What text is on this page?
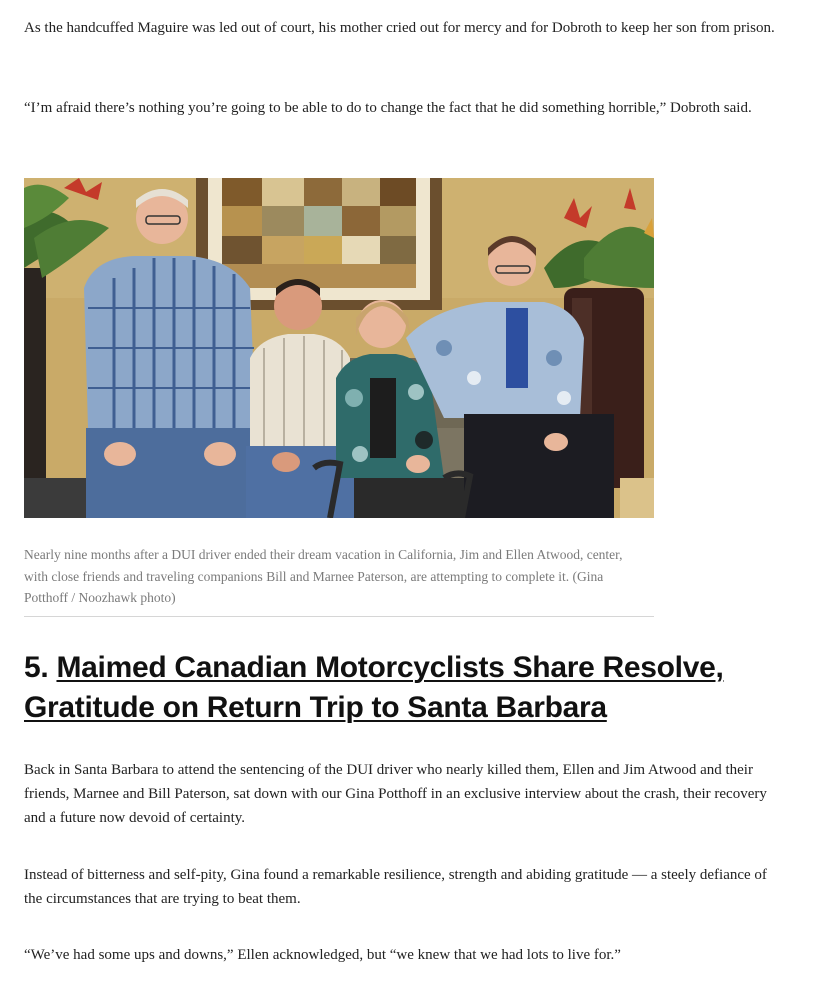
As the handcuffed Maguire was led out of court, his mother cried out for mercy and for Dobroth to keep her son from prison.

“I’m afraid there’s nothing you’re going to be able to do to change the fact that he did something horrible,” Dobroth said.

Nearly nine months after a DUI driver ended their dream vacation in California, Jim and Ellen Atwood, center, with close friends and traveling companions Bill and Marnee Paterson, are attempting to complete it. (Gina Potthoff / Noozhawk photo)

5. Maimed Canadian Motorcyclists Share Resolve, Gratitude on Return Trip to Santa Barbara

Back in Santa Barbara to attend the sentencing of the DUI driver who nearly killed them, Ellen and Jim Atwood and their friends, Marnee and Bill Paterson, sat down with our Gina Potthoff in an exclusive interview about the crash, their recovery and a future now devoid of certainty.

Instead of bitterness and self-pity, Gina found a remarkable resilience, strength and abiding gratitude — a steely defiance of the circumstances that are trying to beat them.

“We’ve had some ups and downs,” Ellen acknowledged, but “we knew that we had lots to live for.”
